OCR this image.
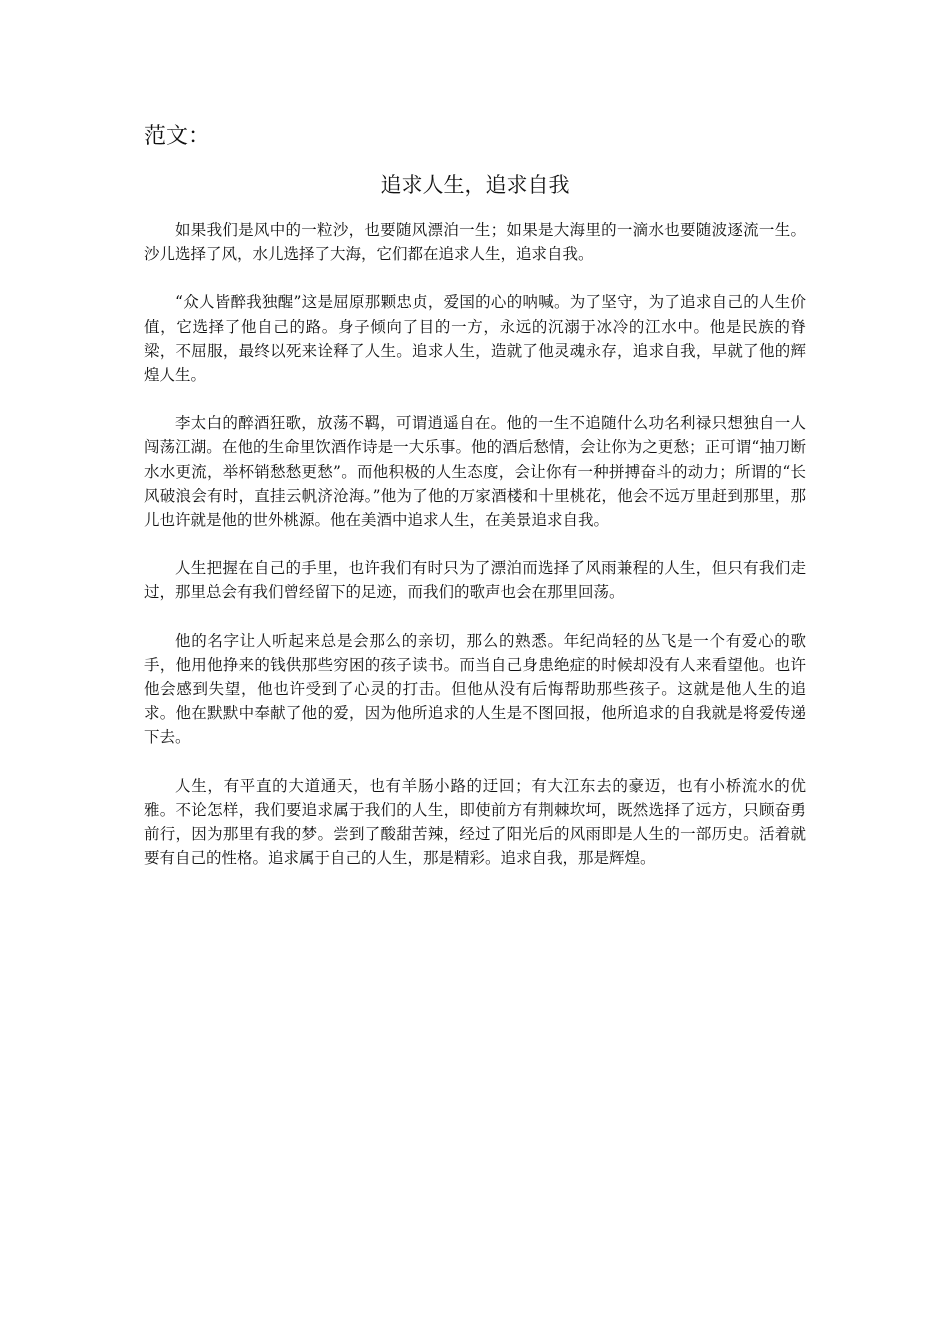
范文：

追求人生，追求自我

如果我们是风中的一粒沙，也要随风漂泊一生；如果是大海里的一滴水也要随波逐流一生。沙儿选择了风，水儿选择了大海，它们都在追求人生，追求自我。

“众人皆醉我独醒”这是屈原那颗忠贞，爱国的心的呐喊。为了坚守，为了追求自己的人生价值，它选择了他自己的路。身子倾向了目的一方，永远的沉溺于冰冷的江水中。他是民族的脊梁，不屈服，最终以死来诠释了人生。追求人生，造就了他灵魂永存，追求自我，早就了他的辉煌人生。

李太白的醉酒狂歌，放荡不羁，可谓逍遥自在。他的一生不追随什么功名利禄只想独自一人闯荡江湖。在他的生命里饮酒作诗是一大乐事。他的酒后愁情，会让你为之更愁；正可谓“抽刀断水水更流，举杯销愁愁更愁”。而他积极的人生态度，会让你有一种拼搏奋斗的动力；所谓的“长风破浪会有时，直挂云帆济沧海。”他为了他的万家酒楼和十里桃花，他会不远万里赶到那里，那儿也许就是他的世外桃源。他在美酒中追求人生，在美景追求自我。

人生把握在自己的手里，也许我们有时只为了漂泊而选择了风雨兼程的人生，但只有我们走过，那里总会有我们曾经留下的足迹，而我们的歌声也会在那里回荡。

他的名字让人听起来总是会那么的亲切，那么的熟悉。年纪尚轻的丛飞是一个有爱心的歌手，他用他挣来的钱供那些穷困的孩子读书。而当自己身患绝症的时候却没有人来看望他。也许他会感到失望，他也许受到了心灵的打击。但他从没有后悔帮助那些孩子。这就是他人生的追求。他在默默中奉献了他的爱，因为他所追求的人生是不图回报，他所追求的自我就是将爱传递下去。

人生，有平直的大道通天，也有羊肠小路的迂回；有大江东去的豪迈，也有小桥流水的优雅。不论怎样，我们要追求属于我们的人生，即使前方有荆棘坎坷，既然选择了远方，只顾奋勇前行，因为那里有我的梦。尝到了酸甜苦辣，经过了阳光后的风雨即是人生的一部历史。活着就要有自己的性格。追求属于自己的人生，那是精彩。追求自我，那是辉煌。
